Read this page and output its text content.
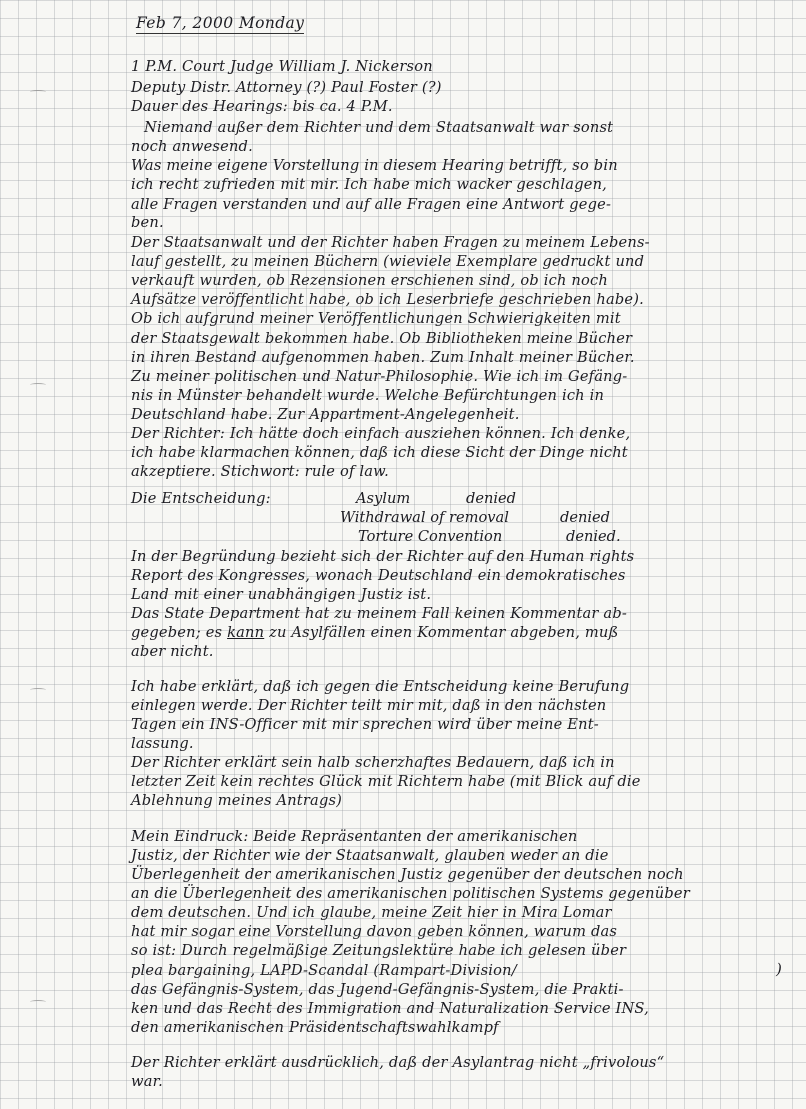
Feb 7, 2000 Monday
1 P.M. Court Judge William J. Nickerson
Deputy Distr. Attorney (?) Paul Foster (?)
Dauer des Hearings: bis ca. 4 P.M.
Niemand außer dem Richter und dem Staatsanwalt war sonst
noch anwesend.
Was meine eigene Vorstellung in diesem Hearing betrifft, so bin
ich recht zufrieden mit mir. Ich habe mich wacker geschlagen,
alle Fragen verstanden und auf alle Fragen eine Antwort gege-
ben.
Der Staatsanwalt und der Richter haben Fragen zu meinem Lebens-
lauf gestellt, zu meinen Büchern (wieviele Exemplare gedruckt und
verkauft wurden, ob Rezensionen erschienen sind, ob ich noch
Aufsätze veröffentlicht habe, ob ich Leserbriefe geschrieben habe).
Ob ich aufgrund meiner Veröffentlichungen Schwierigkeiten mit
der Staatsgewalt bekommen habe. Ob Bibliotheken meine Bücher
in ihren Bestand aufgenommen haben. Zum Inhalt meiner Bücher.
Zu meiner politischen und Natur-Philosophie. Wie ich im Gefäng-
nis in Münster behandelt wurde. Welche Befürchtungen ich in
Deutschland habe. Zur Appartment-Angelegenheit.
Der Richter: Ich hätte doch einfach ausziehen können. Ich denke,
ich habe klarmachen können, daß ich diese Sicht der Dinge nicht
akzeptiere. Stichwort: rule of law.
Die Entscheidung:	Asylum	denied
Withdrawal of removal	denied
Torture Convention	denied.
In der Begründung bezieht sich der Richter auf den Human rights
Report des Kongresses, wonach Deutschland ein demokratisches
Land mit einer unabhängigen Justiz ist.
Das State Department hat zu meinem Fall keinen Kommentar ab-
gegeben; es kann zu Asylfällen einen Kommentar abgeben, muß
aber nicht.
Ich habe erklärt, daß ich gegen die Entscheidung keine Berufung
einlegen werde. Der Richter teilt mir mit, daß in den nächsten
Tagen ein INS-Officer mit mir sprechen wird über meine Ent-
lassung.
Der Richter erklärt sein halb scherzhaftes Bedauern, daß ich in
letzter Zeit kein rechtes Glück mit Richtern habe (mit Blick auf die
Ablehnung meines Antrags)
Mein Eindruck: Beide Repräsentanten der amerikanischen
Justiz, der Richter wie der Staatsanwalt, glauben weder an die
Überlegenheit der amerikanischen Justiz gegenüber der deutschen noch
an die Überlegenheit des amerikanischen politischen Systems gegenüber
dem deutschen. Und ich glaube, meine Zeit hier in Mira Lomar
hat mir sogar eine Vorstellung davon geben können, warum das
so ist: Durch regelmäßige Zeitungslektüre habe ich gelesen über
plea bargaining, LAPD-Scandal (Rampart-Division/	)
das Gefängnis-System, das Jugend-Gefängnis-System, die Prakti-
ken und das Recht des Immigration and Naturalization Service INS,
den amerikanischen Präsidentschaftswahlkampf
Der Richter erklärt ausdrücklich, daß der Asylantrag nicht „frivolous“
war.
